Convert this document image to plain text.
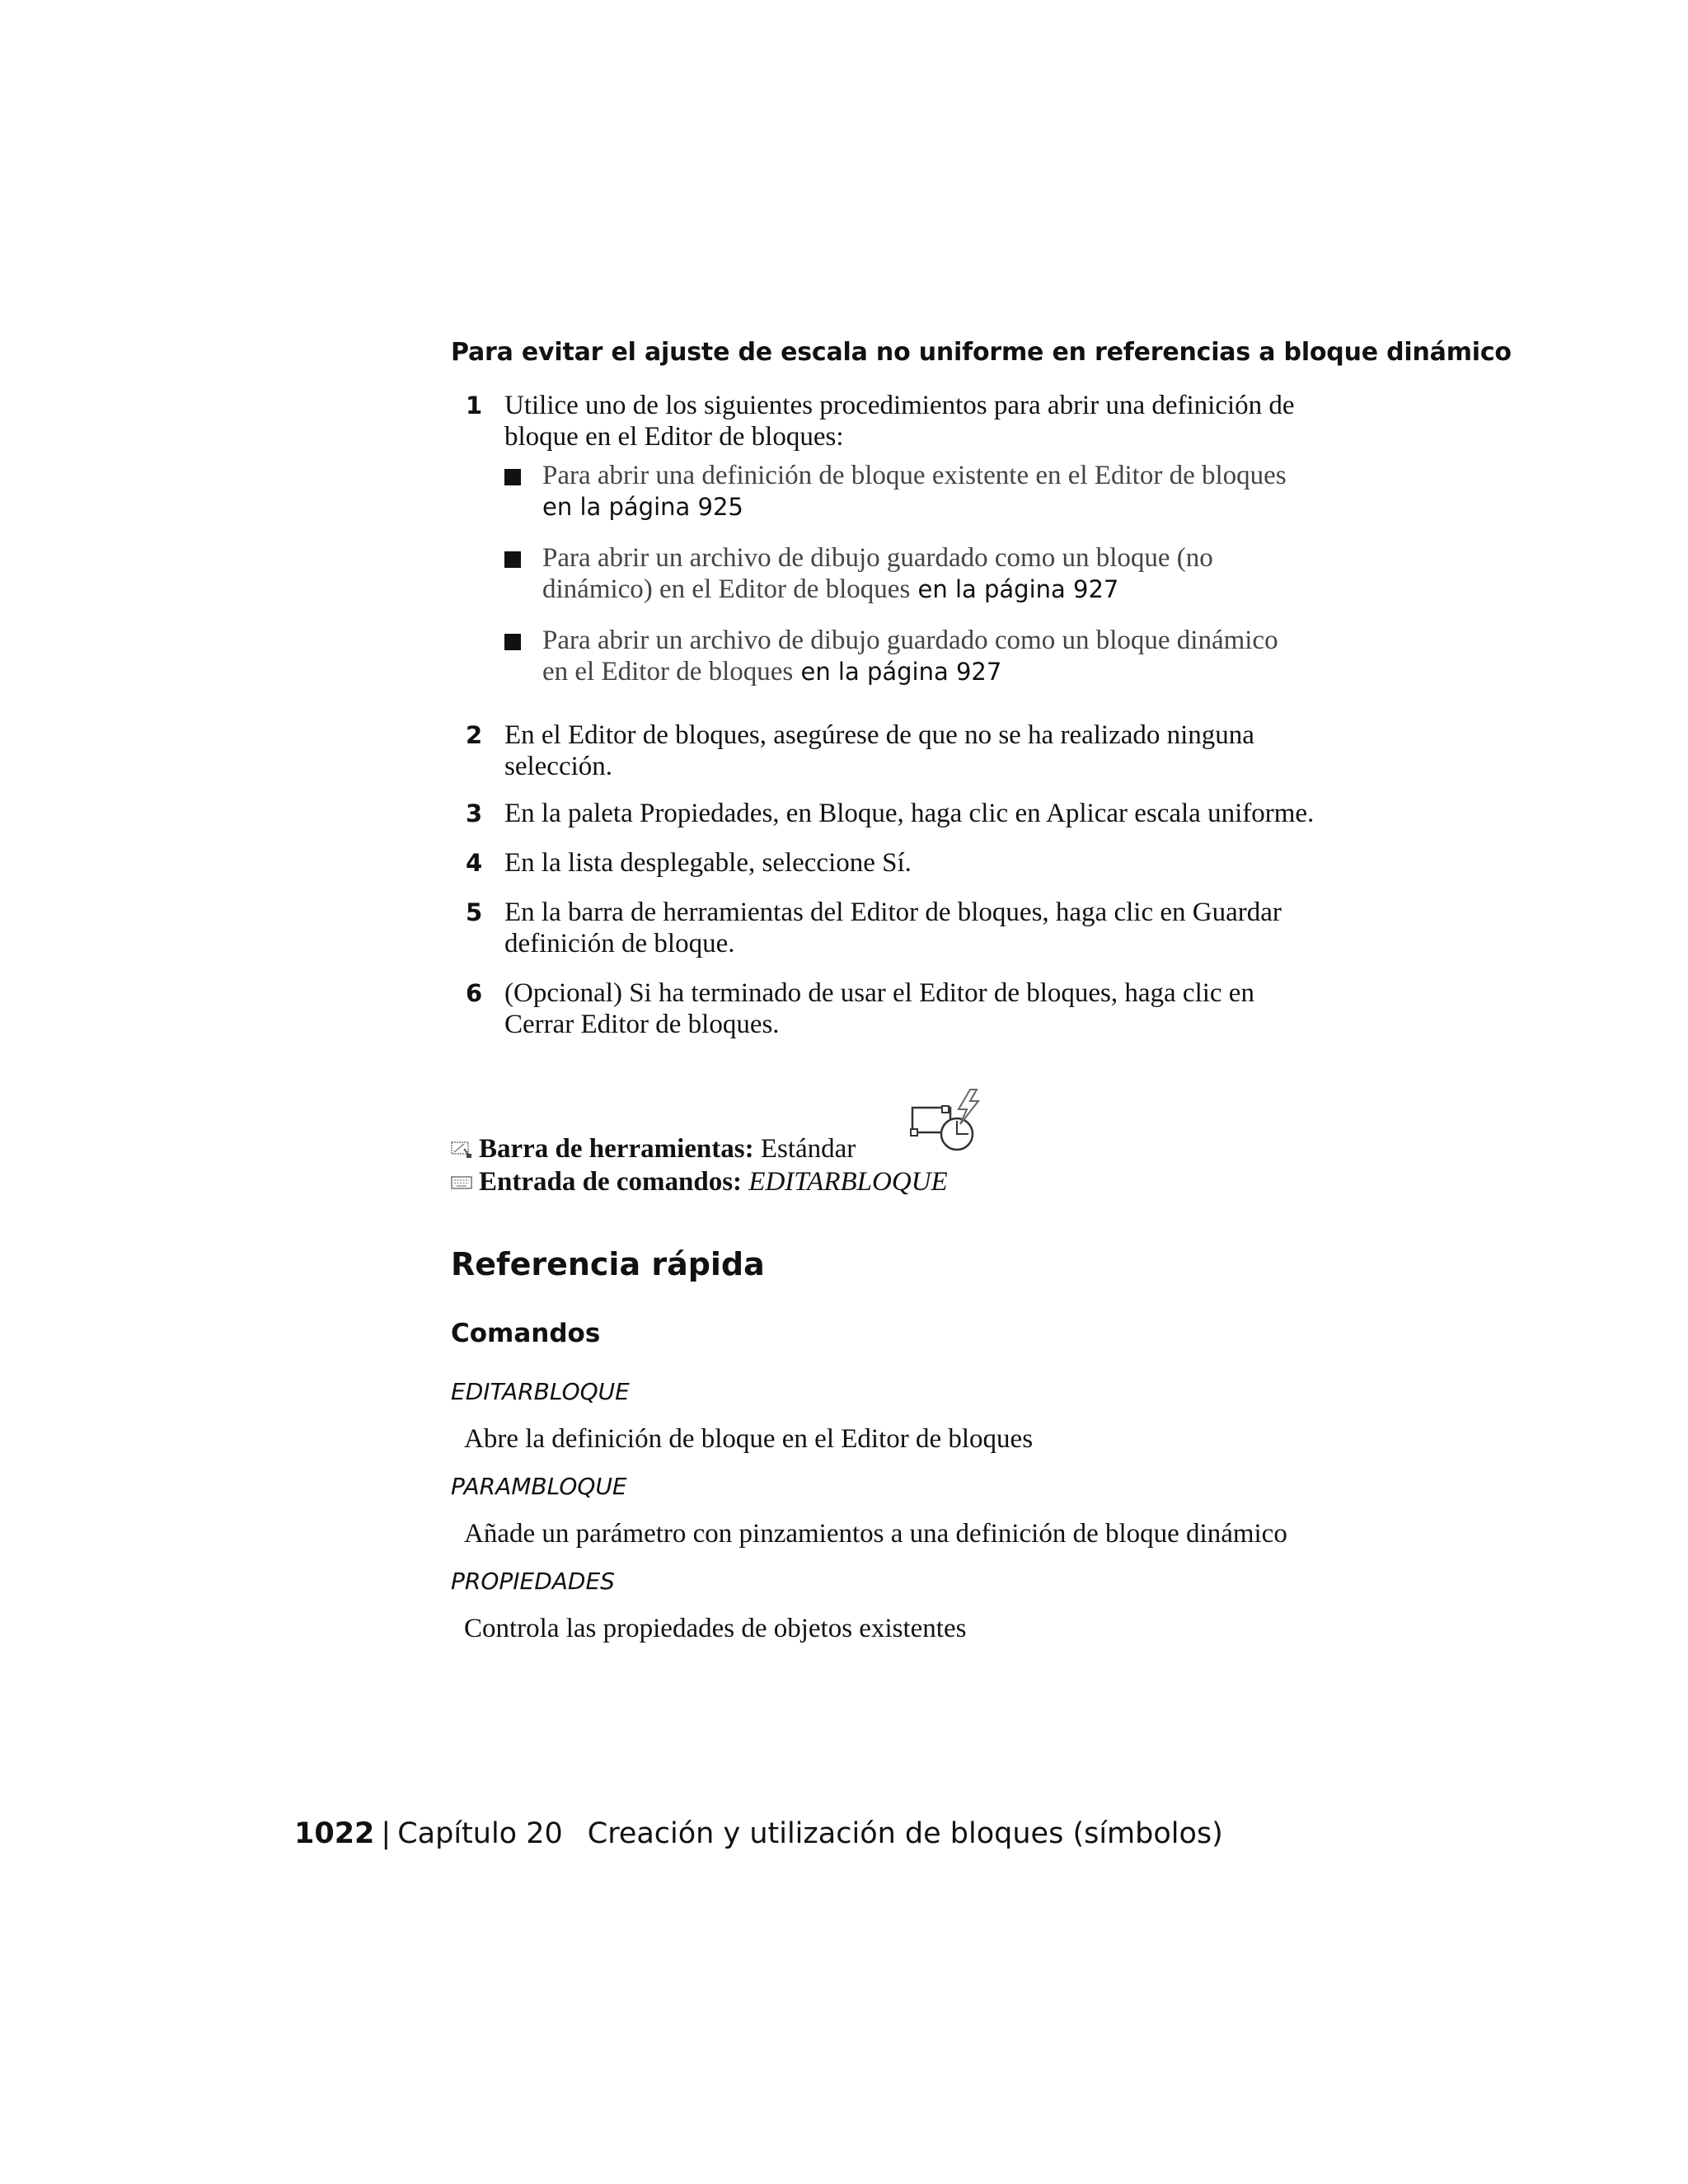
Para evitar el ajuste de escala no uniforme en referencias a bloque dinámico
1 Utilice uno de los siguientes procedimientos para abrir una definición de
bloque en el Editor de bloques:
Para abrir una definición de bloque existente en el Editor de bloques
en la página 925
Para abrir un archivo de dibujo guardado como un bloque (no
dinámico) en el Editor de bloques en la página 927
Para abrir un archivo de dibujo guardado como un bloque dinámico
en el Editor de bloques en la página 927
2 En el Editor de bloques, asegúrese de que no se ha realizado ninguna
selección.
3 En la paleta Propiedades, en Bloque, haga clic en Aplicar escala uniforme.
4 En la lista desplegable, seleccione Sí.
5 En la barra de herramientas del Editor de bloques, haga clic en Guardar
definición de bloque.
6 (Opcional) Si ha terminado de usar el Editor de bloques, haga clic en
Cerrar Editor de bloques.
Barra de herramientas: Estándar
Entrada de comandos: EDITARBLOQUE
Referencia rápida
Comandos
EDITARBLOQUE
Abre la definición de bloque en el Editor de bloques
PARAMBLOQUE
Añade un parámetro con pinzamientos a una definición de bloque dinámico
PROPIEDADES
Controla las propiedades de objetos existentes
1022 | Capítulo 20 Creación y utilización de bloques (símbolos)
